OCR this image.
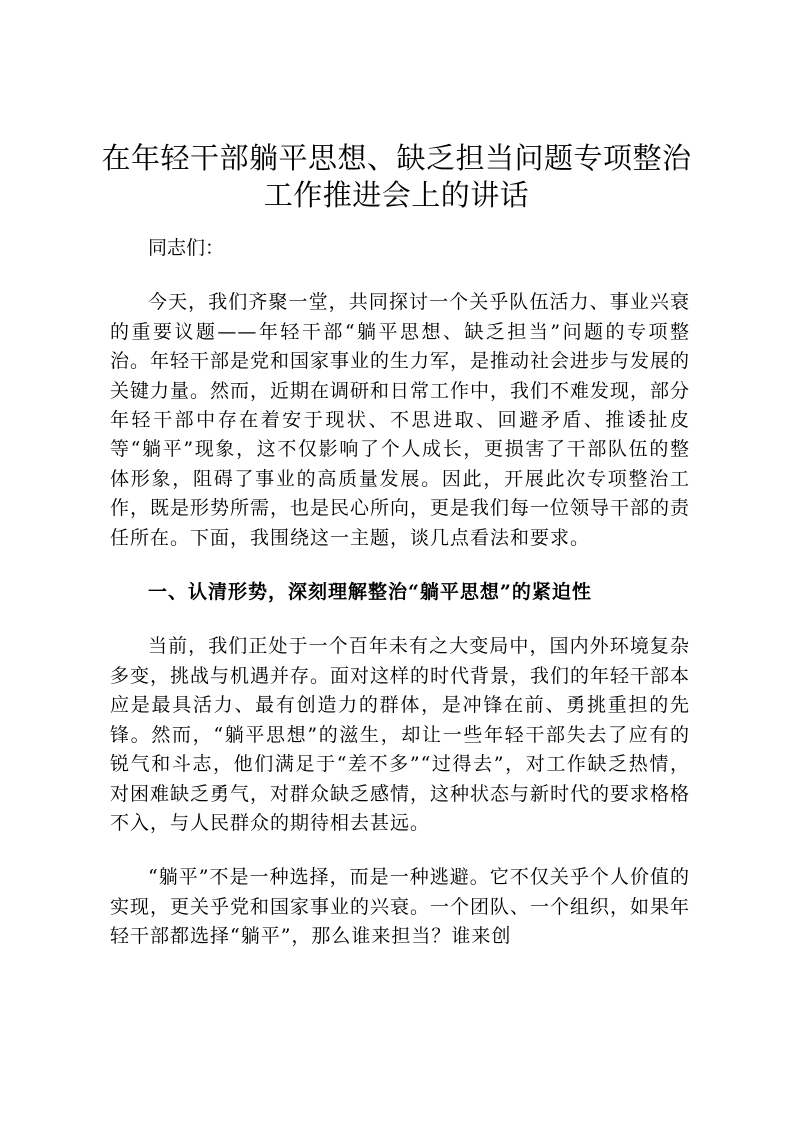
在年轻干部躺平思想、缺乏担当问题专项整治
工作推进会上的讲话

同志们：

今天，我们齐聚一堂，共同探讨一个关乎队伍活力、事业兴衰的重要议题——年轻干部“躺平思想、缺乏担当”问题的专项整治。年轻干部是党和国家事业的生力军，是推动社会进步与发展的关键力量。然而，近期在调研和日常工作中，我们不难发现，部分年轻干部中存在着安于现状、不思进取、回避矛盾、推诿扯皮等“躺平”现象，这不仅影响了个人成长，更损害了干部队伍的整体形象，阻碍了事业的高质量发展。因此，开展此次专项整治工作，既是形势所需，也是民心所向，更是我们每一位领导干部的责任所在。下面，我围绕这一主题，谈几点看法和要求。

一、认清形势，深刻理解整治“躺平思想”的紧迫性

当前，我们正处于一个百年未有之大变局中，国内外环境复杂多变，挑战与机遇并存。面对这样的时代背景，我们的年轻干部本应是最具活力、最有创造力的群体，是冲锋在前、勇挑重担的先锋。然而，“躺平思想”的滋生，却让一些年轻干部失去了应有的锐气和斗志，他们满足于“差不多”“过得去”，对工作缺乏热情，对困难缺乏勇气，对群众缺乏感情，这种状态与新时代的要求格格不入，与人民群众的期待相去甚远。

“躺平”不是一种选择，而是一种逃避。它不仅关乎个人价值的实现，更关乎党和国家事业的兴衰。一个团队、一个组织，如果年轻干部都选择“躺平”，那么谁来担当？谁来创
